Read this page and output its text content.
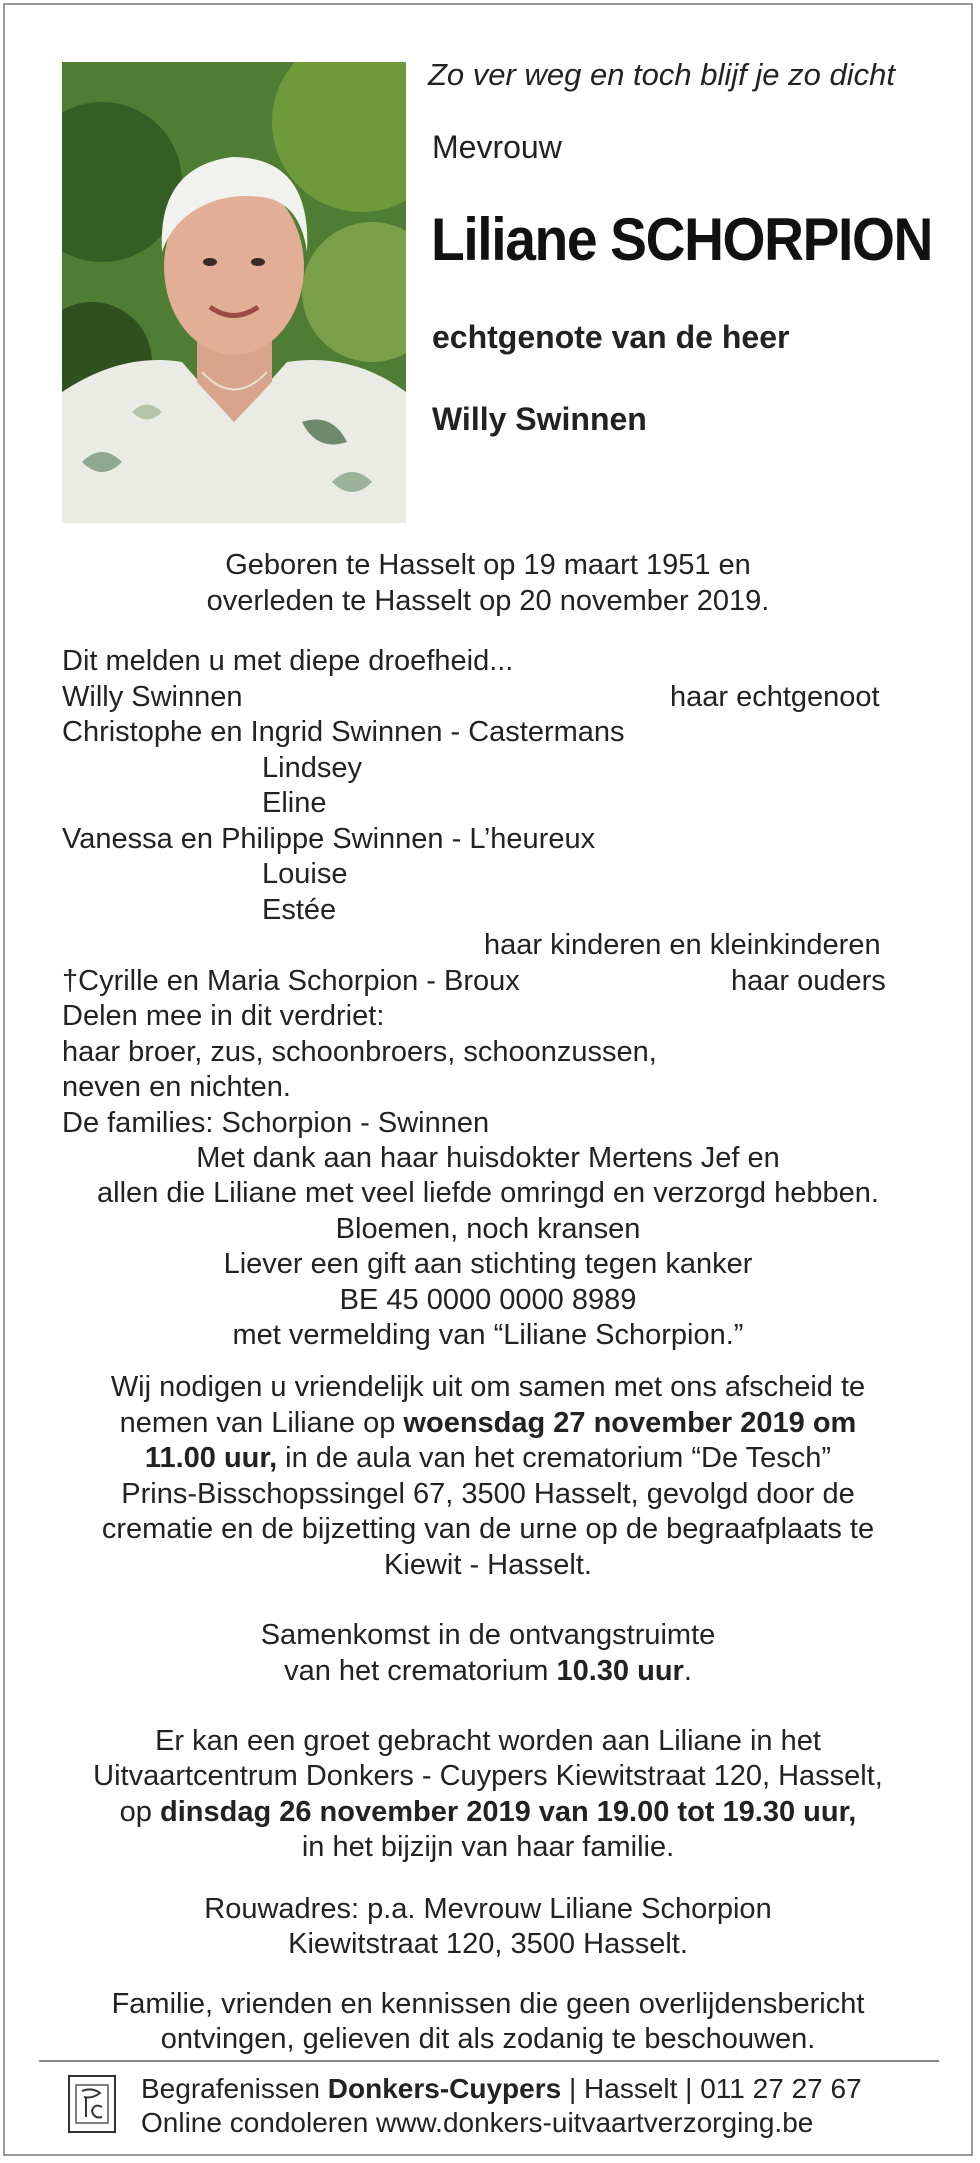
Zo ver weg en toch blijf je zo dicht
Mevrouw
Liliane SCHORPION
echtgenote van de heer
Willy Swinnen
Geboren te Hasselt op 19 maart 1951 en
overleden te Hasselt op 20 november 2019.
Dit melden u met diepe droefheid...
Willy Swinnen	haar echtgenoot
Christophe en Ingrid Swinnen - Castermans
Lindsey
Eline
Vanessa en Philippe Swinnen - L’heureux
Louise
Estée
haar kinderen en kleinkinderen
†Cyrille en Maria Schorpion - Broux	haar ouders
Delen mee in dit verdriet:
haar broer, zus, schoonbroers, schoonzussen,
neven en nichten.
De families: Schorpion - Swinnen
Met dank aan haar huisdokter Mertens Jef en
allen die Liliane met veel liefde omringd en verzorgd hebben.
Bloemen, noch kransen
Liever een gift aan stichting tegen kanker
BE 45 0000 0000 8989
met vermelding van “Liliane Schorpion.”
Wij nodigen u vriendelijk uit om samen met ons afscheid te
nemen van Liliane op woensdag 27 november 2019 om
11.00 uur, in de aula van het crematorium “De Tesch”
Prins-Bisschopssingel 67, 3500 Hasselt, gevolgd door de
crematie en de bijzetting van de urne op de begraafplaats te
Kiewit - Hasselt.
Samenkomst in de ontvangstruimte
van het crematorium 10.30 uur.
Er kan een groet gebracht worden aan Liliane in het
Uitvaartcentrum Donkers - Cuypers Kiewitstraat 120, Hasselt,
op dinsdag 26 november 2019 van 19.00 tot 19.30 uur,
in het bijzijn van haar familie.
Rouwadres: p.a. Mevrouw Liliane Schorpion
Kiewitstraat 120, 3500 Hasselt.
Familie, vrienden en kennissen die geen overlijdensbericht
ontvingen, gelieven dit als zodanig te beschouwen.
Begrafenissen Donkers-Cuypers | Hasselt | 011 27 27 67
Online condoleren www.donkers-uitvaartverzorging.be
